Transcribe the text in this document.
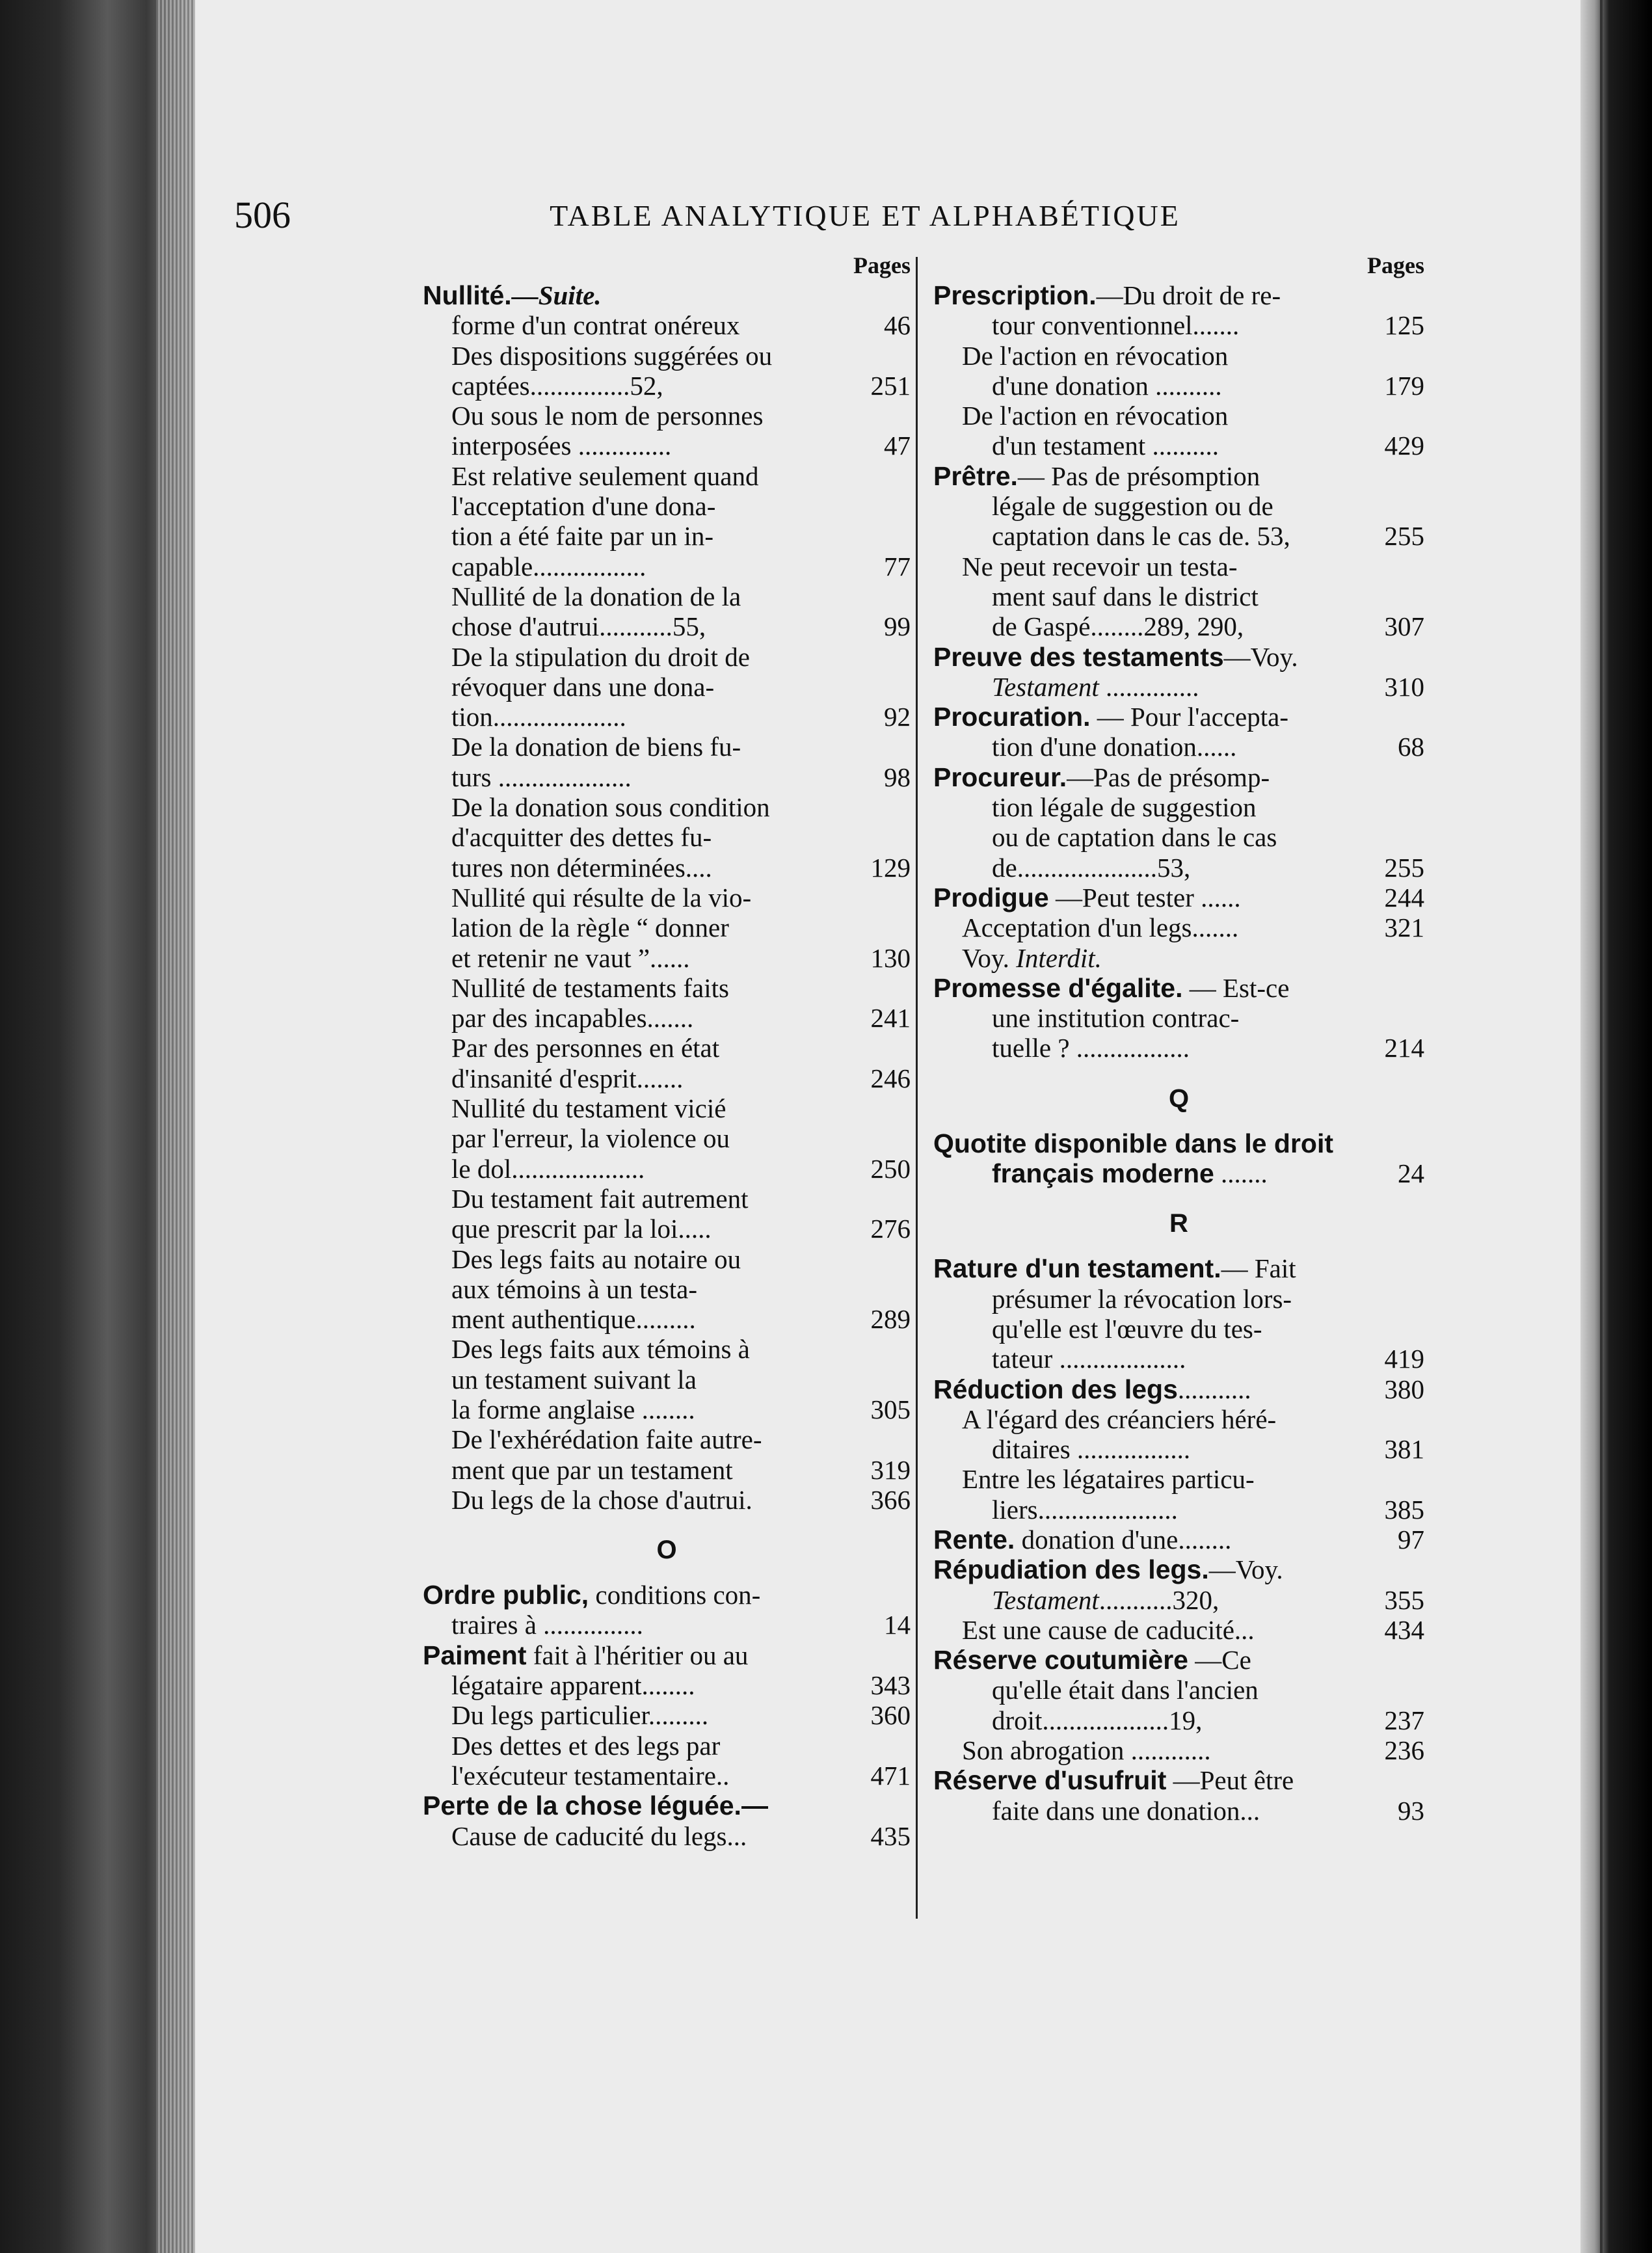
506	TABLE ANALYTIQUE ET ALPHABÉTIQUE
Pages
Nullité.—Suite.
forme d'un contrat onéreux	46
Des dispositions suggérées ou
captées...............52,	251
Ou sous le nom de personnes
interposées ..............	47
Est relative seulement quand
l'acceptation d'une dona-
tion a été faite par un in-
capable.................	77
Nullité de la donation de la
chose d'autrui...........55,	99
De la stipulation du droit de
révoquer dans une dona-
tion....................	92
De la donation de biens fu-
turs ....................	98
De la donation sous condition
d'acquitter des dettes fu-
tures non déterminées....	129
Nullité qui résulte de la vio-
lation de la règle “ donner
et retenir ne vaut ”......	130
Nullité de testaments faits
par des incapables.......	241
Par des personnes en état
d'insanité d'esprit.......	246
Nullité du testament vicié
par l'erreur, la violence ou
le dol....................	250
Du testament fait autrement
que prescrit par la loi.....	276
Des legs faits au notaire ou
aux témoins à un testa-
ment authentique.........	289
Des legs faits aux témoins à
un testament suivant la
la forme anglaise ........	305
De l'exhérédation faite autre-
ment que par un testament	319
Du legs de la chose d'autrui.	366
O
Ordre public, conditions con-
traires à ...............	14
Paiment fait à l'héritier ou au
légataire apparent........	343
Du legs particulier.........	360
Des dettes et des legs par
l'exécuteur testamentaire..	471
Perte de la chose léguée.—
Cause de caducité du legs...	435
Pages
Prescription.—Du droit de re-
tour conventionnel.......	125
De l'action en révocation
d'une donation ..........	179
De l'action en révocation
d'un testament ..........	429
Prêtre.— Pas de présomption
légale de suggestion ou de
captation dans le cas de. 53,	255
Ne peut recevoir un testa-
ment sauf dans le district
de Gaspé........289, 290,	307
Preuve des testaments—Voy.
Testament ..............	310
Procuration. — Pour l'accepta-
tion d'une donation......	68
Procureur.—Pas de présomp-
tion légale de suggestion
ou de captation dans le cas
de.....................53,	255
Prodigue —Peut tester ......	244
Acceptation d'un legs.......	321
Voy. Interdit.
Promesse d'égalite. — Est-ce
une institution contrac-
tuelle ? .................	214
Q
Quotite disponible dans le droit
français moderne .......	24
R
Rature d'un testament.— Fait
présumer la révocation lors-
qu'elle est l'œuvre du tes-
tateur ...................	419
Réduction des legs...........	380
A l'égard des créanciers héré-
ditaires .................	381
Entre les légataires particu-
liers.....................	385
Rente. donation d'une........	97
Répudiation des legs.—Voy.
Testament...........320,	355
Est une cause de caducité...	434
Réserve coutumière —Ce
qu'elle était dans l'ancien
droit...................19,	237
Son abrogation ............	236
Réserve d'usufruit —Peut être
faite dans une donation...	93
